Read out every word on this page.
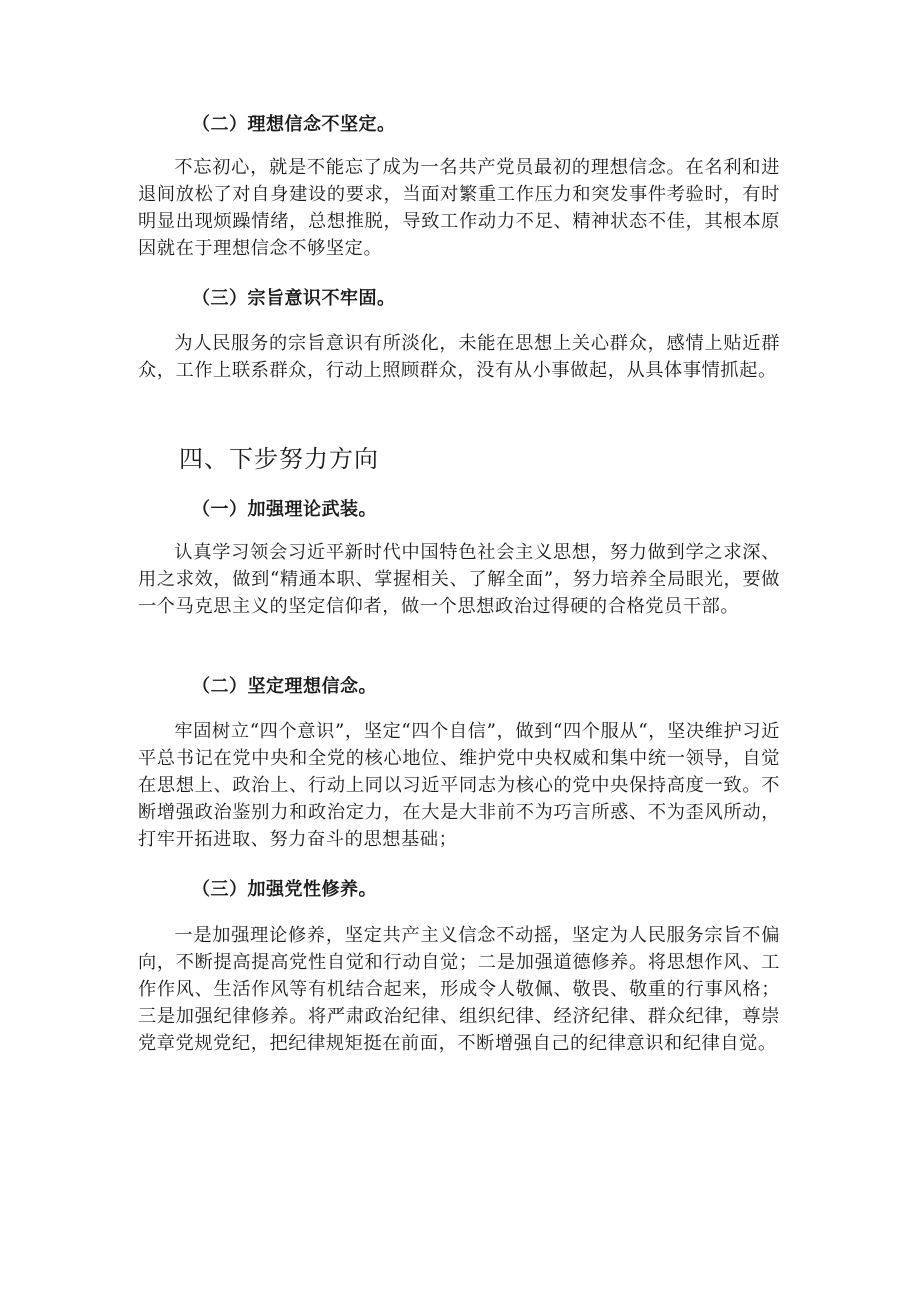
（二）理想信念不坚定。
不忘初心，就是不能忘了成为一名共产党员最初的理想信念。在名利和进退间放松了对自身建设的要求，当面对繁重工作压力和突发事件考验时，有时明显出现烦躁情绪，总想推脱，导致工作动力不足、精神状态不佳，其根本原因就在于理想信念不够坚定。
（三）宗旨意识不牢固。
为人民服务的宗旨意识有所淡化，未能在思想上关心群众，感情上贴近群众，工作上联系群众，行动上照顾群众，没有从小事做起，从具体事情抓起。
四、下步努力方向
（一）加强理论武装。
认真学习领会习近平新时代中国特色社会主义思想，努力做到学之求深、用之求效，做到“精通本职、掌握相关、了解全面”，努力培养全局眼光，要做一个马克思主义的坚定信仰者，做一个思想政治过得硬的合格党员干部。
（二）坚定理想信念。
牢固树立“四个意识”，坚定“四个自信”，做到“四个服从“，坚决维护习近平总书记在党中央和全党的核心地位、维护党中央权威和集中统一领导，自觉在思想上、政治上、行动上同以习近平同志为核心的党中央保持高度一致。不断增强政治鉴别力和政治定力，在大是大非前不为巧言所惑、不为歪风所动，打牢开拓进取、努力奋斗的思想基础；
（三）加强党性修养。
一是加强理论修养，坚定共产主义信念不动摇，坚定为人民服务宗旨不偏向，不断提高提高党性自觉和行动自觉；二是加强道德修养。将思想作风、工作作风、生活作风等有机结合起来，形成令人敬佩、敬畏、敬重的行事风格；三是加强纪律修养。将严肃政治纪律、组织纪律、经济纪律、群众纪律，尊崇党章党规党纪，把纪律规矩挺在前面，不断增强自己的纪律意识和纪律自觉。
